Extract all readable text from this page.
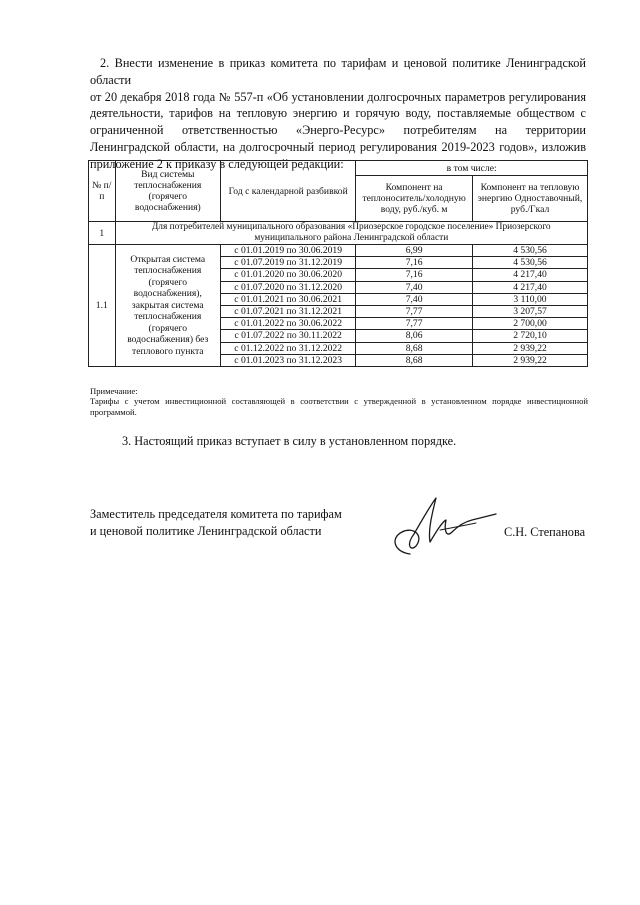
2. Внести изменение в приказ комитета по тарифам и ценовой политике Ленинградской области
от 20 декабря 2018 года № 557-п «Об установлении долгосрочных параметров регулирования деятельности, тарифов на тепловую энергию и горячую воду, поставляемые обществом с ограниченной ответственностью «Энерго-Ресурс» потребителям на территории Ленинградской области, на долгосрочный период регулирования 2019-2023 годов», изложив приложение 2 к приказу в следующей редакции:
№ п/п	Вид системы теплоснабжения (горячего водоснабжения)	Год с календарной разбивкой	в том числе:	
			Компонент на теплоноситель/холодную воду, руб./куб. м	Компонент на тепловую энергию Одноставочный, руб./Гкал
1	Для потребителей муниципального образования «Приозерское городское поселение» Приозерского муниципального района Ленинградской области			
1.1	Открытая система теплоснабжения (горячего водоснабжения), закрытая система теплоснабжения (горячего водоснабжения) без теплового пункта	с 01.01.2019 по 30.06.2019	6,99	4 530,56
		с 01.07.2019 по 31.12.2019	7,16	4 530,56
		с 01.01.2020 по 30.06.2020	7,16	4 217,40
		с 01.07.2020 по 31.12.2020	7,40	4 217,40
		с 01.01.2021 по 30.06.2021	7,40	3 110,00
		с 01.07.2021 по 31.12.2021	7,77	3 207,57
		с 01.01.2022 по 30.06.2022	7,77	2 700,00
		с 01.07.2022 по 30.11.2022	8,06	2 720,10
		с 01.12.2022 по 31.12.2022	8,68	2 939,22
		с 01.01.2023 по 31.12.2023	8,68	2 939,22

Примечание:

Тарифы с учетом инвестиционной составляющей в соответствии с утвержденной в установленном порядке инвестиционной программой.

3. Настоящий приказ вступает в силу в установленном порядке.
Заместитель председателя комитета по тарифам
и ценовой политике Ленинградской области	С.Н. Степанова
